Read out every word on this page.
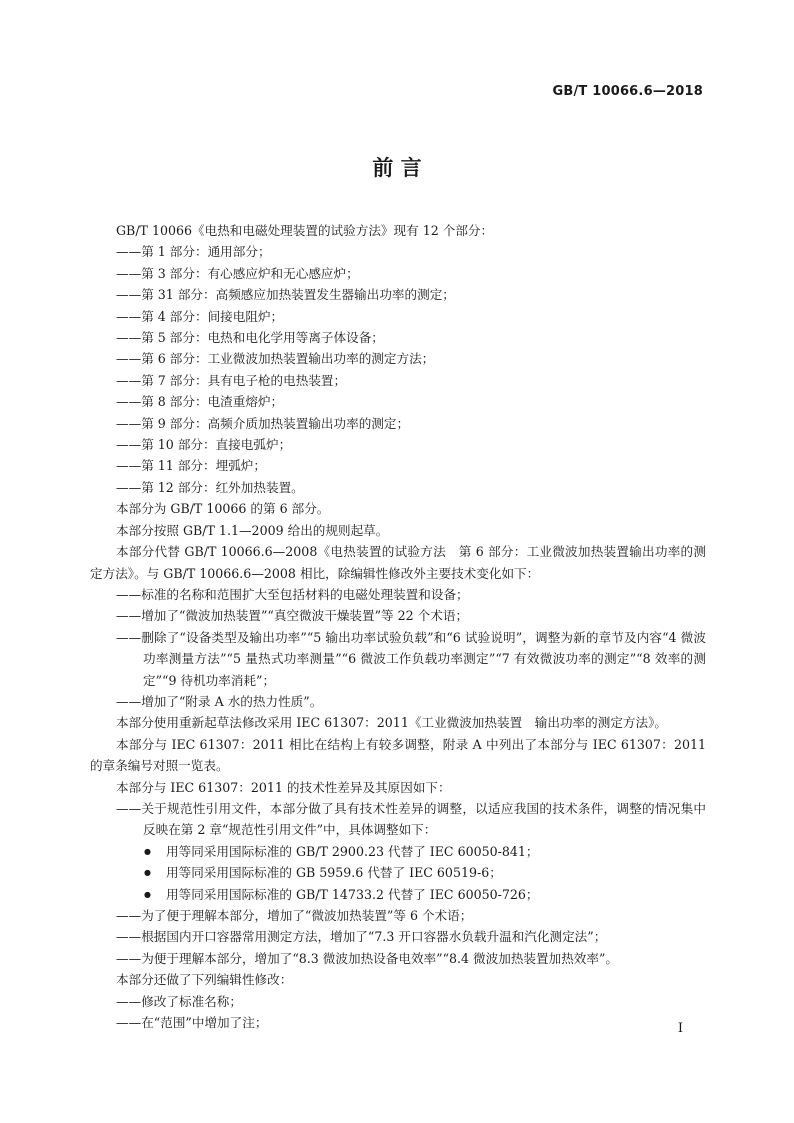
GB/T 10066.6—2018
前 言

GB/T 10066《电热和电磁处理装置的试验方法》现有 12 个部分：

——第 1 部分：通用部分；

——第 3 部分：有心感应炉和无心感应炉；

——第 31 部分：高频感应加热装置发生器输出功率的测定；

——第 4 部分：间接电阻炉；

——第 5 部分：电热和电化学用等离子体设备；

——第 6 部分：工业微波加热装置输出功率的测定方法；

——第 7 部分：具有电子枪的电热装置；

——第 8 部分：电渣重熔炉；

——第 9 部分：高频介质加热装置输出功率的测定；

——第 10 部分：直接电弧炉；

——第 11 部分：埋弧炉；

——第 12 部分：红外加热装置。

本部分为 GB/T 10066 的第 6 部分。

本部分按照 GB/T 1.1—2009 给出的规则起草。

本部分代替 GB/T 10066.6—2008《电热装置的试验方法　第 6 部分：工业微波加热装置输出功率的测定方法》。与 GB/T 10066.6—2008 相比，除编辑性修改外主要技术变化如下：

——标准的名称和范围扩大至包括材料的电磁处理装置和设备；

——增加了“微波加热装置”“真空微波干燥装置”等 22 个术语；

——删除了“设备类型及输出功率”“5 输出功率试验负载”和“6 试验说明”，调整为新的章节及内容“4 微波功率测量方法”“5 量热式功率测量”“6 微波工作负载功率测定”“7 有效微波功率的测定”“8 效率的测定”“9 待机功率消耗”；

——增加了“附录 A 水的热力性质”。

本部分使用重新起草法修改采用 IEC 61307：2011《工业微波加热装置　输出功率的测定方法》。

本部分与 IEC 61307：2011 相比在结构上有较多调整，附录 A 中列出了本部分与 IEC 61307：2011 的章条编号对照一览表。

本部分与 IEC 61307：2011 的技术性差异及其原因如下：

——关于规范性引用文件，本部分做了具有技术性差异的调整，以适应我国的技术条件，调整的情况集中反映在第 2 章“规范性引用文件”中，具体调整如下：

● 用等同采用国际标准的 GB/T 2900.23 代替了 IEC 60050-841；

● 用等同采用国际标准的 GB 5959.6 代替了 IEC 60519-6；

● 用等同采用国际标准的 GB/T 14733.2 代替了 IEC 60050-726；

——为了便于理解本部分，增加了“微波加热装置”等 6 个术语；

——根据国内开口容器常用测定方法，增加了“7.3 开口容器水负载升温和汽化测定法”；

——为便于理解本部分，增加了“8.3 微波加热设备电效率”“8.4 微波加热装置加热效率”。

本部分还做了下列编辑性修改：

——修改了标准名称；

——在“范围”中增加了注；	I
